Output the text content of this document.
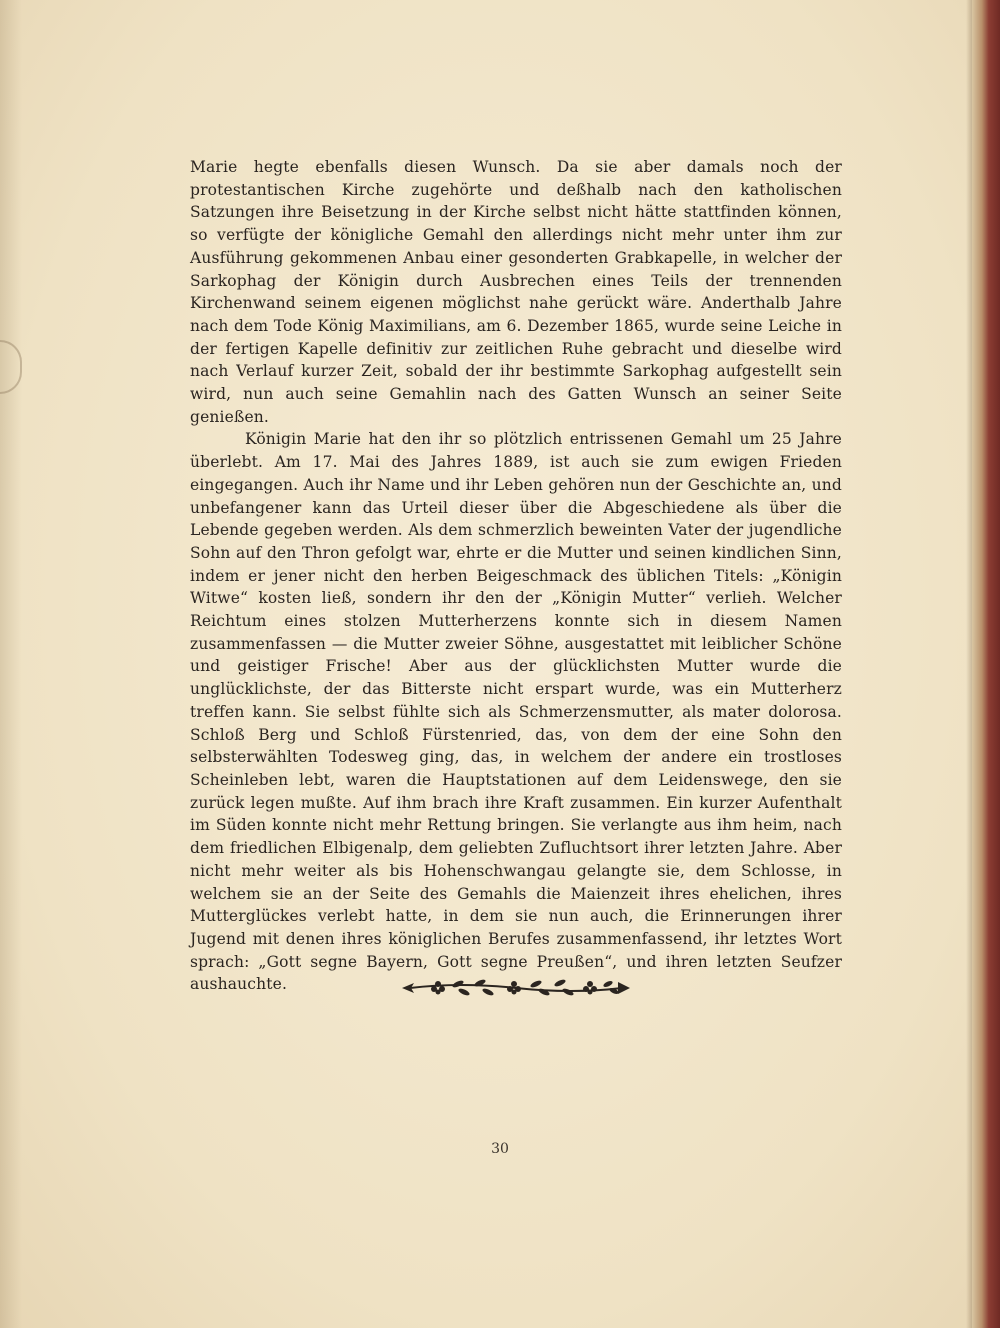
Marie hegte ebenfalls diesen Wunsch. Da sie aber damals noch der protestantischen Kirche zugehörte und deßhalb nach den katholischen Satzungen ihre Beisetzung in der Kirche selbst nicht hätte stattfinden können, so verfügte der königliche Gemahl den allerdings nicht mehr unter ihm zur Ausführung gekommenen Anbau einer gesonderten Grabkapelle, in welcher der Sarkophag der Königin durch Ausbrechen eines Teils der trennenden Kirchenwand seinem eigenen möglichst nahe gerückt wäre. Anderthalb Jahre nach dem Tode König Maximilians, am 6. Dezember 1865, wurde seine Leiche in der fertigen Kapelle definitiv zur zeitlichen Ruhe gebracht und dieselbe wird nach Verlauf kurzer Zeit, sobald der ihr bestimmte Sarkophag aufgestellt sein wird, nun auch seine Gemahlin nach des Gatten Wunsch an seiner Seite genießen.

Königin Marie hat den ihr so plötzlich entrissenen Gemahl um 25 Jahre überlebt. Am 17. Mai des Jahres 1889, ist auch sie zum ewigen Frieden eingegangen. Auch ihr Name und ihr Leben gehören nun der Geschichte an, und unbefangener kann das Urteil dieser über die Abgeschiedene als über die Lebende gegeben werden. Als dem schmerzlich beweinten Vater der jugendliche Sohn auf den Thron gefolgt war, ehrte er die Mutter und seinen kindlichen Sinn, indem er jener nicht den herben Beigeschmack des üblichen Titels: „Königin Witwe“ kosten ließ, sondern ihr den der „Königin Mutter“ verlieh. Welcher Reichtum eines stolzen Mutterherzens konnte sich in diesem Namen zusammenfassen — die Mutter zweier Söhne, ausgestattet mit leiblicher Schöne und geistiger Frische! Aber aus der glücklichsten Mutter wurde die unglücklichste, der das Bitterste nicht erspart wurde, was ein Mutterherz treffen kann. Sie selbst fühlte sich als Schmerzensmutter, als mater dolorosa. Schloß Berg und Schloß Fürstenried, das, von dem der eine Sohn den selbsterwählten Todesweg ging, das, in welchem der andere ein trostloses Scheinleben lebt, waren die Hauptstationen auf dem Leidenswege, den sie zurück legen mußte. Auf ihm brach ihre Kraft zusammen. Ein kurzer Aufenthalt im Süden konnte nicht mehr Rettung bringen. Sie verlangte aus ihm heim, nach dem friedlichen Elbigenalp, dem geliebten Zufluchtsort ihrer letzten Jahre. Aber nicht mehr weiter als bis Hohenschwangau gelangte sie, dem Schlosse, in welchem sie an der Seite des Gemahls die Maienzeit ihres ehelichen, ihres Mutterglückes verlebt hatte, in dem sie nun auch, die Erinnerungen ihrer Jugend mit denen ihres königlichen Berufes zusammenfassend, ihr letztes Wort sprach: „Gott segne Bayern, Gott segne Preußen“, und ihren letzten Seufzer aushauchte.

30
